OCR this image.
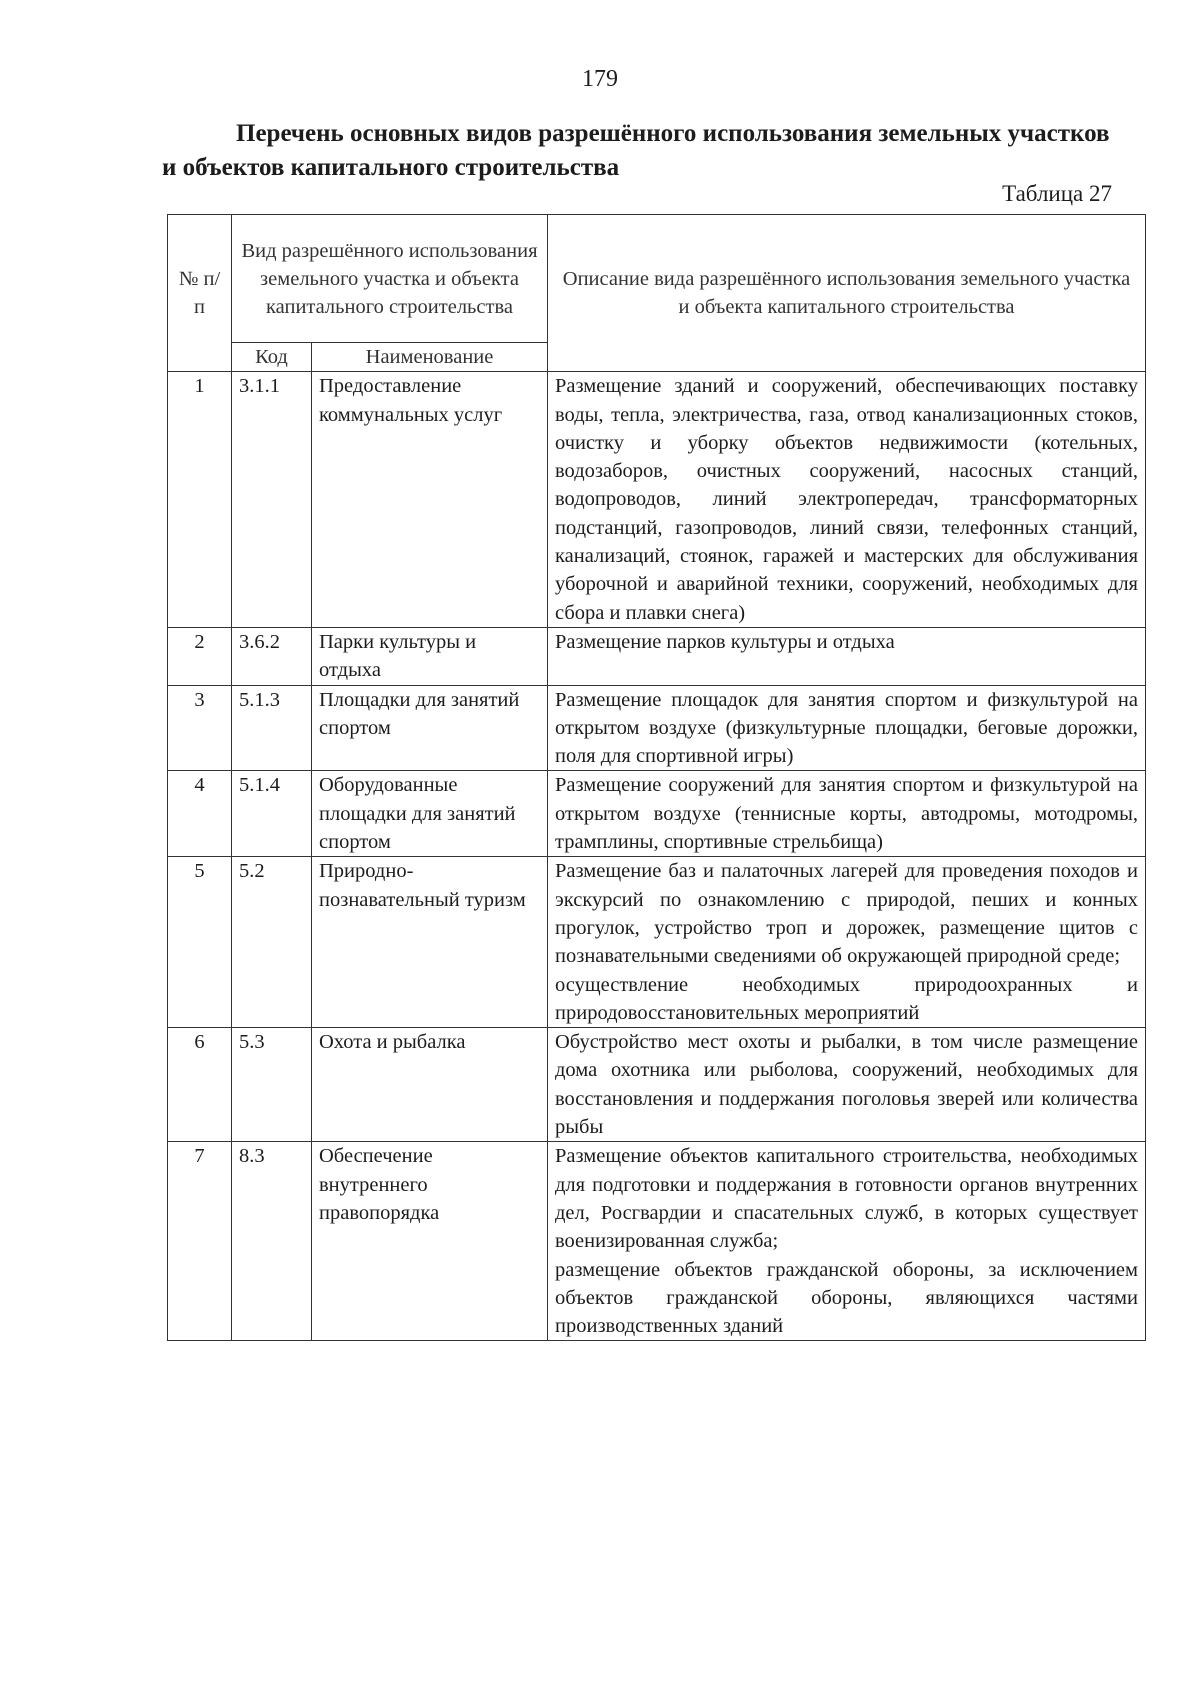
179
Перечень основных видов разрешённого использования земельных участков и объектов капитального строительства
Таблица 27
№ п/п	Вид разрешённого использования земельного участка и объекта капитального строительства		Описание вида разрешённого использования земельного участка и объекта капитального строительства
	Код	Наименование	
1	3.1.1	Предоставление коммунальных услуг	Размещение зданий и сооружений, обеспечивающих поставку воды, тепла, электричества, газа, отвод канализационных стоков, очистку и уборку объектов недвижимости (котельных, водозаборов, очистных сооружений, насосных станций, водопроводов, линий электропередач, трансформаторных подстанций, газопроводов, линий связи, телефонных станций, канализаций, стоянок, гаражей и мастерских для обслуживания уборочной и аварийной техники, сооружений, необходимых для сбора и плавки снега)

2	3.6.2	Парки культуры и отдыха	Размещение парков культуры и отдыха

3	5.1.3	Площадки для занятий спортом	Размещение площадок для занятия спортом и физкультурой на открытом воздухе (физкультурные площадки, беговые дорожки, поля для спортивной игры)

4	5.1.4	Оборудованные площадки для занятий спортом	Размещение сооружений для занятия спортом и физкультурой на открытом воздухе (теннисные корты, автодромы, мотодромы, трамплины, спортивные стрельбища)

5	5.2	Природно-познавательный туризм	Размещение баз и палаточных лагерей для проведения походов и экскурсий по ознакомлению с природой, пеших и конных прогулок, устройство троп и дорожек, размещение щитов с познавательными сведениями об окружающей природной среде;
осуществление необходимых природоохранных и природовосстановительных мероприятий

6	5.3	Охота и рыбалка	Обустройство мест охоты и рыбалки, в том числе размещение дома охотника или рыболова, сооружений, необходимых для восстановления и поддержания поголовья зверей или количества рыбы

7	8.3	Обеспечение внутреннего правопорядка	Размещение объектов капитального строительства, необходимых для подготовки и поддержания в готовности органов внутренних дел, Росгвардии и спасательных служб, в которых существует военизированная служба;
размещение объектов гражданской обороны, за исключением объектов гражданской обороны, являющихся частями производственных зданий
